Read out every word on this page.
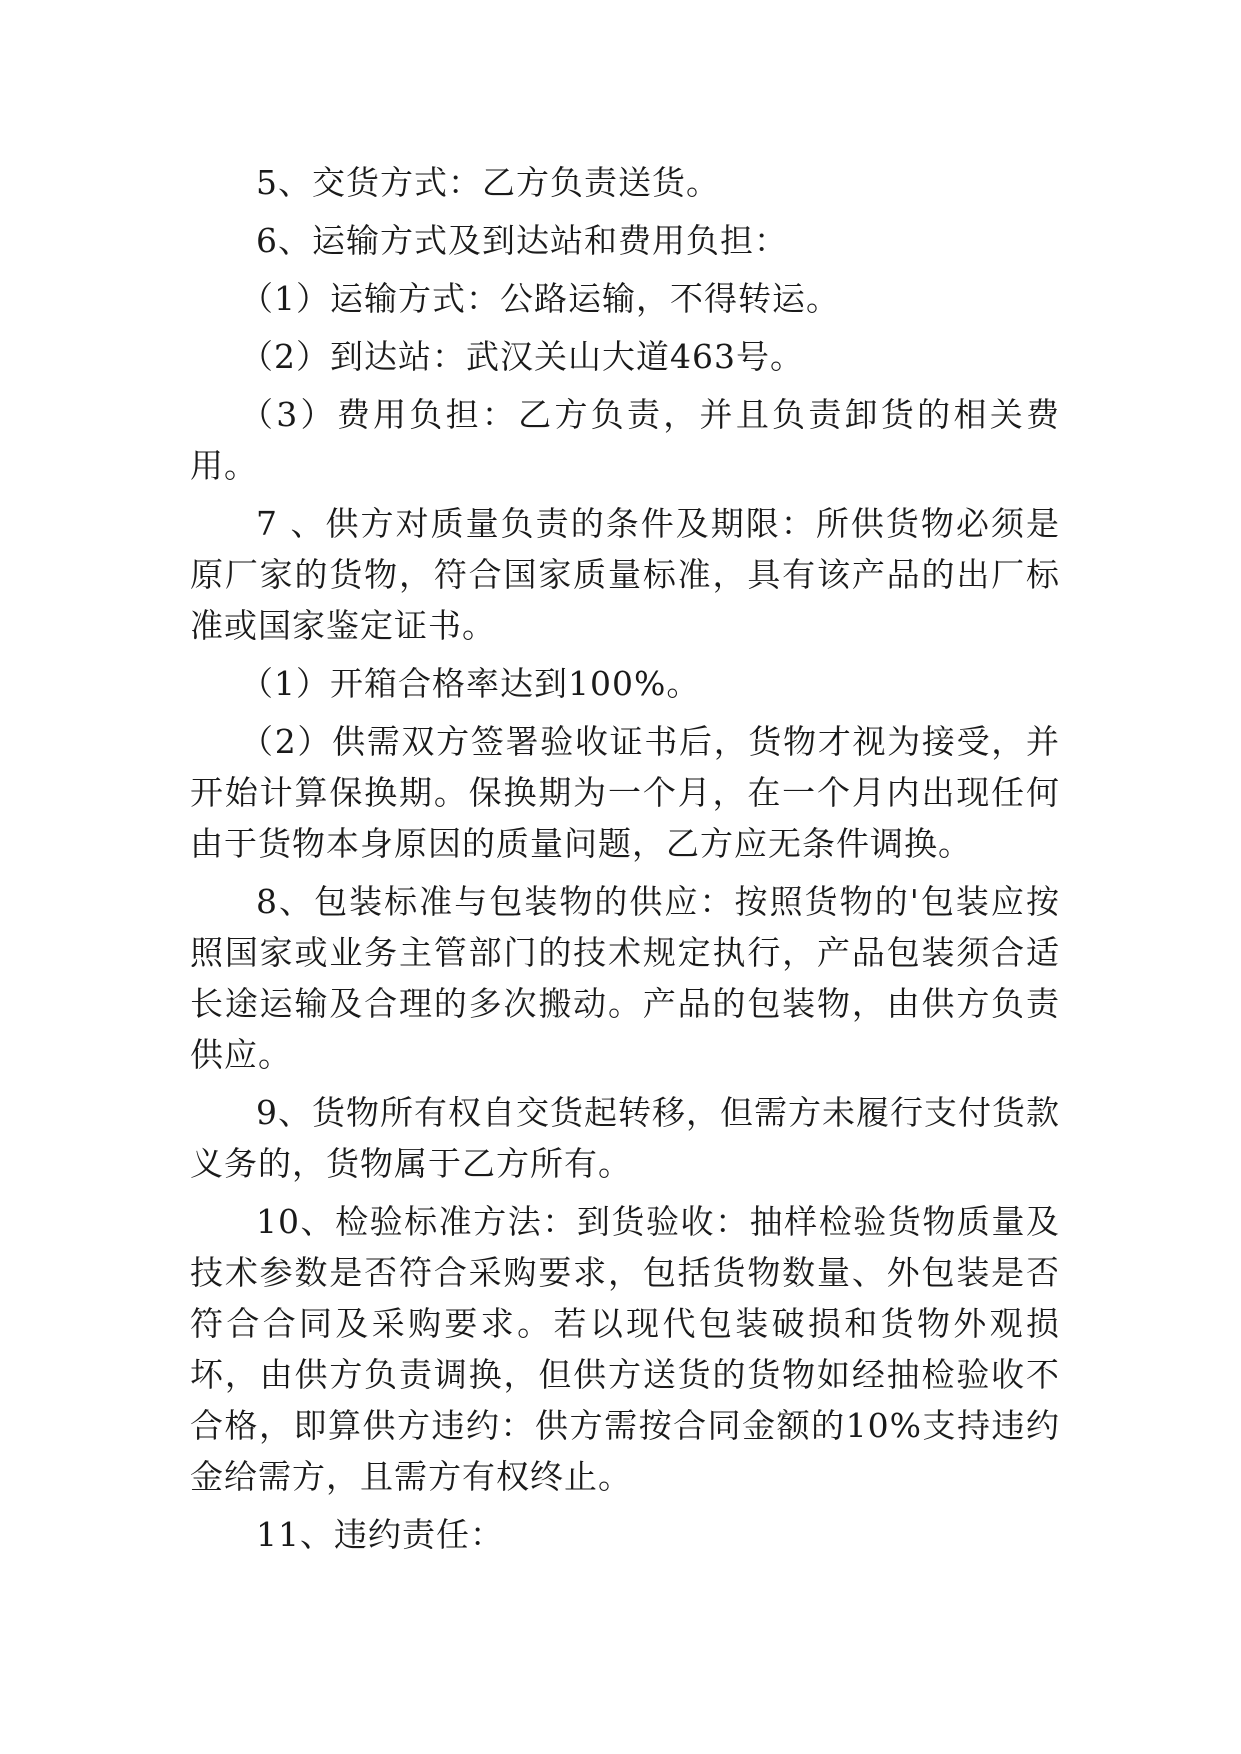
5、交货方式：乙方负责送货。

6、运输方式及到达站和费用负担：

（1）运输方式：公路运输，不得转运。

（2）到达站：武汉关山大道463号。

（3）费用负担：乙方负责，并且负责卸货的相关费用。

7 、供方对质量负责的条件及期限：所供货物必须是原厂家的货物，符合国家质量标准，具有该产品的出厂标准或国家鉴定证书。

（1）开箱合格率达到100%。

（2）供需双方签署验收证书后，货物才视为接受，并开始计算保换期。保换期为一个月，在一个月内出现任何由于货物本身原因的质量问题，乙方应无条件调换。

8、包装标准与包装物的供应：按照货物的'包装应按照国家或业务主管部门的技术规定执行，产品包装须合适长途运输及合理的多次搬动。产品的包装物，由供方负责供应。

9、货物所有权自交货起转移，但需方未履行支付货款义务的，货物属于乙方所有。

10、检验标准方法：到货验收：抽样检验货物质量及技术参数是否符合采购要求，包括货物数量、外包装是否符合合同及采购要求。若以现代包装破损和货物外观损坏，由供方负责调换，但供方送货的货物如经抽检验收不合格，即算供方违约：供方需按合同金额的10%支持违约金给需方，且需方有权终止。

11、违约责任：
